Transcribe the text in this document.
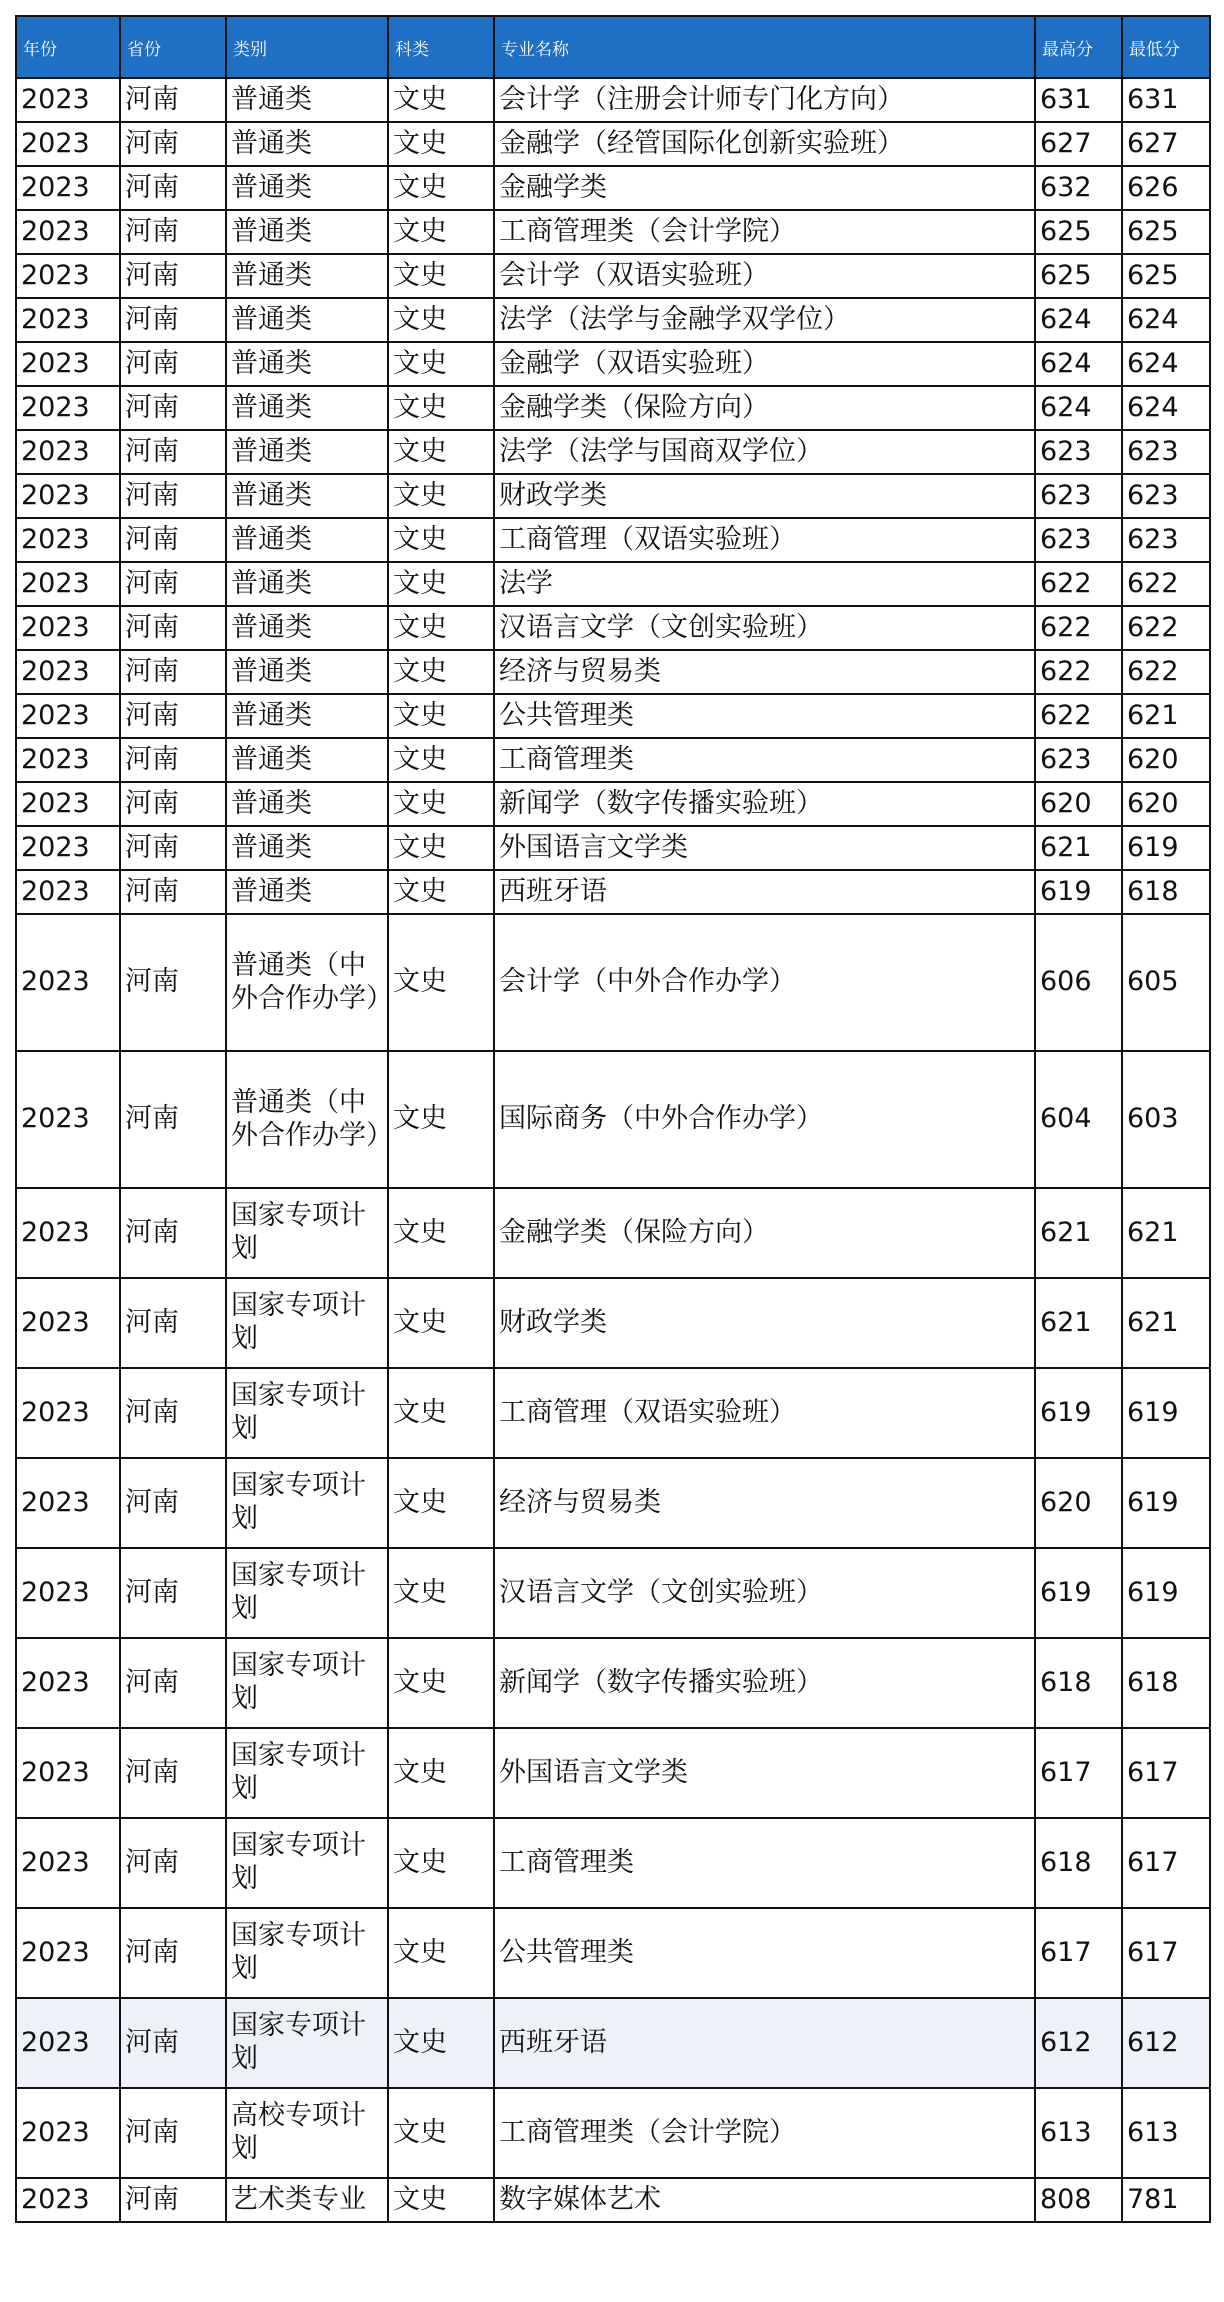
年份	省份	类别	科类	专业名称	最高分	最低分
2023	河南	普通类	文史	会计学（注册会计师专门化方向）	631	631
2023	河南	普通类	文史	金融学（经管国际化创新实验班）	627	627
2023	河南	普通类	文史	金融学类	632	626
2023	河南	普通类	文史	工商管理类（会计学院）	625	625
2023	河南	普通类	文史	会计学（双语实验班）	625	625
2023	河南	普通类	文史	法学（法学与金融学双学位）	624	624
2023	河南	普通类	文史	金融学（双语实验班）	624	624
2023	河南	普通类	文史	金融学类（保险方向）	624	624
2023	河南	普通类	文史	法学（法学与国商双学位）	623	623
2023	河南	普通类	文史	财政学类	623	623
2023	河南	普通类	文史	工商管理（双语实验班）	623	623
2023	河南	普通类	文史	法学	622	622
2023	河南	普通类	文史	汉语言文学（文创实验班）	622	622
2023	河南	普通类	文史	经济与贸易类	622	622
2023	河南	普通类	文史	公共管理类	622	621
2023	河南	普通类	文史	工商管理类	623	620
2023	河南	普通类	文史	新闻学（数字传播实验班）	620	620
2023	河南	普通类	文史	外国语言文学类	621	619
2023	河南	普通类	文史	西班牙语	619	618
2023	河南	普通类（中外合作办学）	文史	会计学（中外合作办学）	606	605
2023	河南	普通类（中外合作办学）	文史	国际商务（中外合作办学）	604	603
2023	河南	国家专项计划	文史	金融学类（保险方向）	621	621
2023	河南	国家专项计划	文史	财政学类	621	621
2023	河南	国家专项计划	文史	工商管理（双语实验班）	619	619
2023	河南	国家专项计划	文史	经济与贸易类	620	619
2023	河南	国家专项计划	文史	汉语言文学（文创实验班）	619	619
2023	河南	国家专项计划	文史	新闻学（数字传播实验班）	618	618
2023	河南	国家专项计划	文史	外国语言文学类	617	617
2023	河南	国家专项计划	文史	工商管理类	618	617
2023	河南	国家专项计划	文史	公共管理类	617	617
2023	河南	国家专项计划	文史	西班牙语	612	612
2023	河南	高校专项计划	文史	工商管理类（会计学院）	613	613
2023	河南	艺术类专业	文史	数字媒体艺术	808	781
